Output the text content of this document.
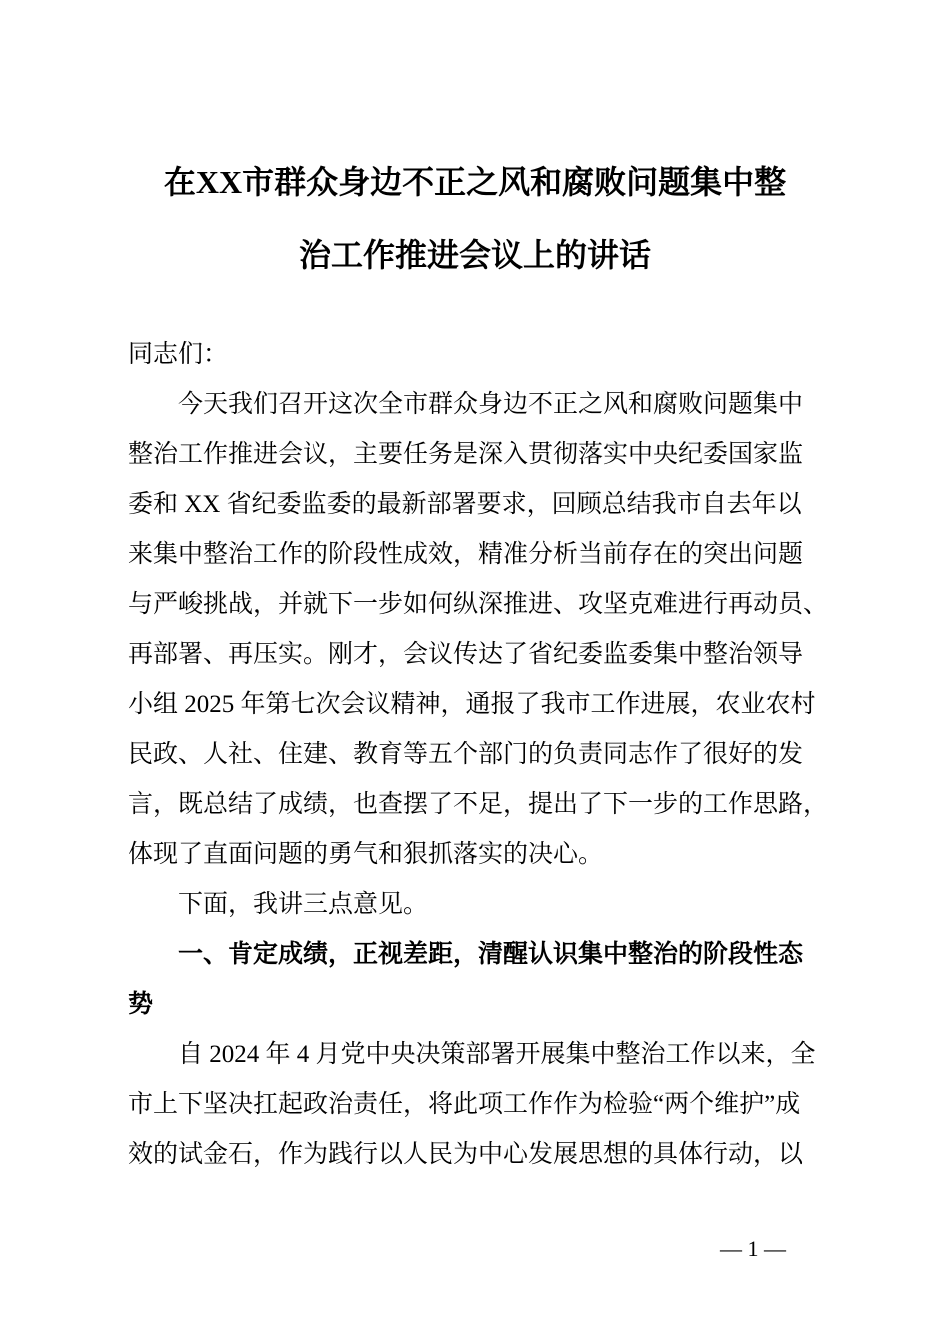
在XX市群众身边不正之风和腐败问题集中整
治工作推进会议上的讲话
同志们：
今天我们召开这次全市群众身边不正之风和腐败问题集中
整治工作推进会议，主要任务是深入贯彻落实中央纪委国家监
委和 XX 省纪委监委的最新部署要求，回顾总结我市自去年以
来集中整治工作的阶段性成效，精准分析当前存在的突出问题
与严峻挑战，并就下一步如何纵深推进、攻坚克难进行再动员、
再部署、再压实。刚才，会议传达了省纪委监委集中整治领导
小组 2025 年第七次会议精神，通报了我市工作进展，农业农村
民政、人社、住建、教育等五个部门的负责同志作了很好的发
言，既总结了成绩，也查摆了不足，提出了下一步的工作思路，
体现了直面问题的勇气和狠抓落实的决心。
下面，我讲三点意见。
一、肯定成绩，正视差距，清醒认识集中整治的阶段性态
势
自 2024 年 4 月党中央决策部署开展集中整治工作以来，全
市上下坚决扛起政治责任，将此项工作作为检验“两个维护”成
效的试金石，作为践行以人民为中心发展思想的具体行动，以
— 1 —
